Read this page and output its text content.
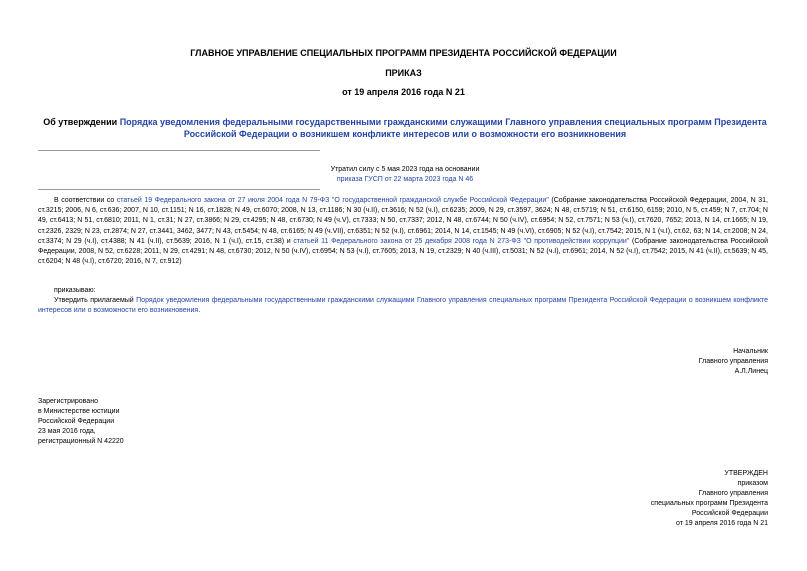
ГЛАВНОЕ УПРАВЛЕНИЕ СПЕЦИАЛЬНЫХ ПРОГРАММ ПРЕЗИДЕНТА РОССИЙСКОЙ ФЕДЕРАЦИИ
ПРИКАЗ
от 19 апреля 2016 года N 21
Об утверждении Порядка уведомления федеральными государственными гражданскими служащими Главного управления специальных программ Президента Российской Федерации о возникшем конфликте интересов или о возможности его возникновения
Утратил силу с 5 мая 2023 года на основании
приказа ГУСП от 22 марта 2023 года N 46
В соответствии со статьей 19 Федерального закона от 27 июля 2004 года N 79-ФЗ "О государственной гражданской службе Российской Федерации" (Собрание законодательства Российской Федерации, 2004, N 31, ст.3215; 2006, N 6, ст.636; 2007, N 10, ст.1151; N 16, ст.1828; N 49, ст.6070; 2008, N 13, ст.1186; N 30 (ч.II), ст.3616; N 52 (ч.I), ст.6235; 2009, N 29, ст.3597, 3624; N 48, ст.5719; N 51, ст.6150, 6159; 2010, N 5, ст.459; N 7, ст.704; N 49, ст.6413; N 51, ст.6810; 2011, N 1, ст.31; N 27, ст.3866; N 29, ст.4295; N 48, ст.6730; N 49 (ч.V), ст.7333; N 50, ст.7337; 2012, N 48, ст.6744; N 50 (ч.IV), ст.6954; N 52, ст.7571; N 53 (ч.I), ст.7620, 7652; 2013, N 14, ст.1665; N 19, ст.2326, 2329; N 23, ст.2874; N 27, ст.3441, 3462, 3477; N 43, ст.5454; N 48, ст.6165; N 49 (ч.VII), ст.6351; N 52 (ч.I), ст.6961; 2014, N 14, ст.1545; N 49 (ч.VI), ст.6905; N 52 (ч.I), ст.7542; 2015, N 1 (ч.I), ст.62, 63; N 14, ст.2008; N 24, ст.3374; N 29 (ч.I), ст.4388; N 41 (ч.II), ст.5639; 2016, N 1 (ч.I), ст.15, ст.38) и статьей 11 Федерального закона от 25 декабря 2008 года N 273-ФЗ "О противодействии коррупции" (Собрание законодательства Российской Федерации, 2008, N 52, ст.6228; 2011, N 29, ст.4291; N 48, ст.6730; 2012, N 50 (ч.IV), ст.6954; N 53 (ч.I), ст.7605; 2013, N 19, ст.2329; N 40 (ч.III), ст.5031; N 52 (ч.I), ст.6961; 2014, N 52 (ч.I), ст.7542; 2015, N 41 (ч.II), ст.5639; N 45, ст.6204; N 48 (ч.I), ст.6720; 2016, N 7, ст.912)
приказываю:
Утвердить прилагаемый Порядок уведомления федеральными государственными гражданскими служащими Главного управления специальных программ Президента Российской Федерации о возникшем конфликте интересов или о возможности его возникновения.
Начальник
Главного управления
А.Л.Линец
Зарегистрировано
в Министерстве юстиции
Российской Федерации
23 мая 2016 года,
регистрационный N 42220
УТВЕРЖДЕН
приказом
Главного управления
специальных программ Президента
Российской Федерации
от 19 апреля 2016 года N 21
